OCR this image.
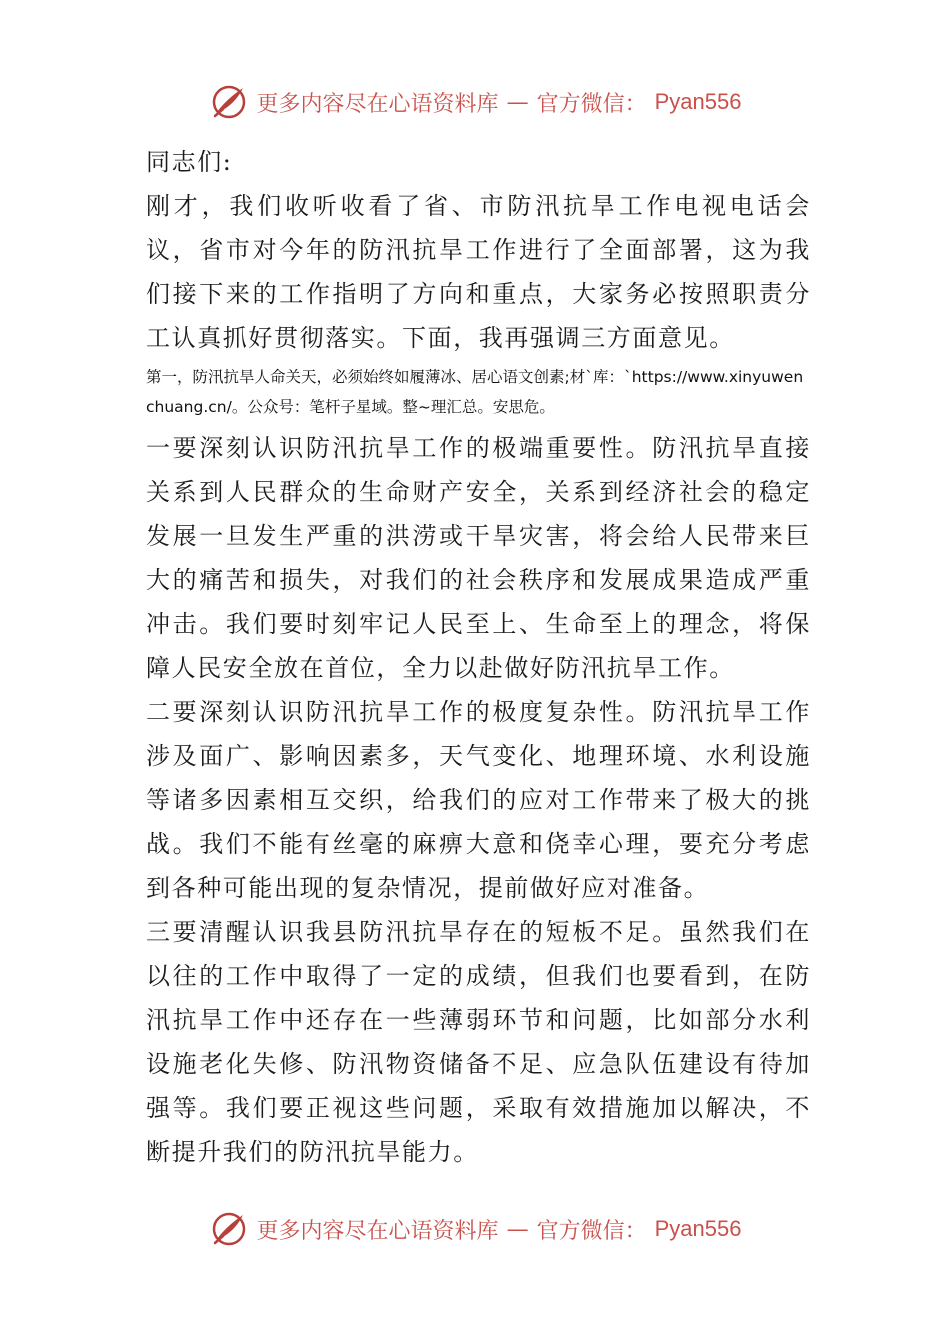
更多内容尽在心语资料库 — 官方微信： Pyan556

同志们:

刚才，我们收听收看了省、市防汛抗旱工作电视电话会议，省市对今年的防汛抗旱工作进行了全面部署，这为我们接下来的工作指明了方向和重点，大家务必按照职责分工认真抓好贯彻落实。下面，我再强调三方面意见。

第一，防汛抗旱人命关天，必须始终如履薄冰、居心语文创素;材`库：`https://www.xinyuwenchuang.cn/。公众号：笔杆子星域。整~理汇总。安思危。

一要深刻认识防汛抗旱工作的极端重要性。防汛抗旱直接关系到人民群众的生命财产安全，关系到经济社会的稳定发展一旦发生严重的洪涝或干旱灾害，将会给人民带来巨大的痛苦和损失，对我们的社会秩序和发展成果造成严重冲击。我们要时刻牢记人民至上、生命至上的理念，将保障人民安全放在首位，全力以赴做好防汛抗旱工作。

二要深刻认识防汛抗旱工作的极度复杂性。防汛抗旱工作涉及面广、影响因素多，天气变化、地理环境、水利设施等诸多因素相互交织，给我们的应对工作带来了极大的挑战。我们不能有丝毫的麻痹大意和侥幸心理，要充分考虑到各种可能出现的复杂情况，提前做好应对准备。

三要清醒认识我县防汛抗旱存在的短板不足。虽然我们在以往的工作中取得了一定的成绩，但我们也要看到，在防汛抗旱工作中还存在一些薄弱环节和问题，比如部分水利设施老化失修、防汛物资储备不足、应急队伍建设有待加强等。我们要正视这些问题，采取有效措施加以解决，不断提升我们的防汛抗旱能力。

更多内容尽在心语资料库 — 官方微信： Pyan556
